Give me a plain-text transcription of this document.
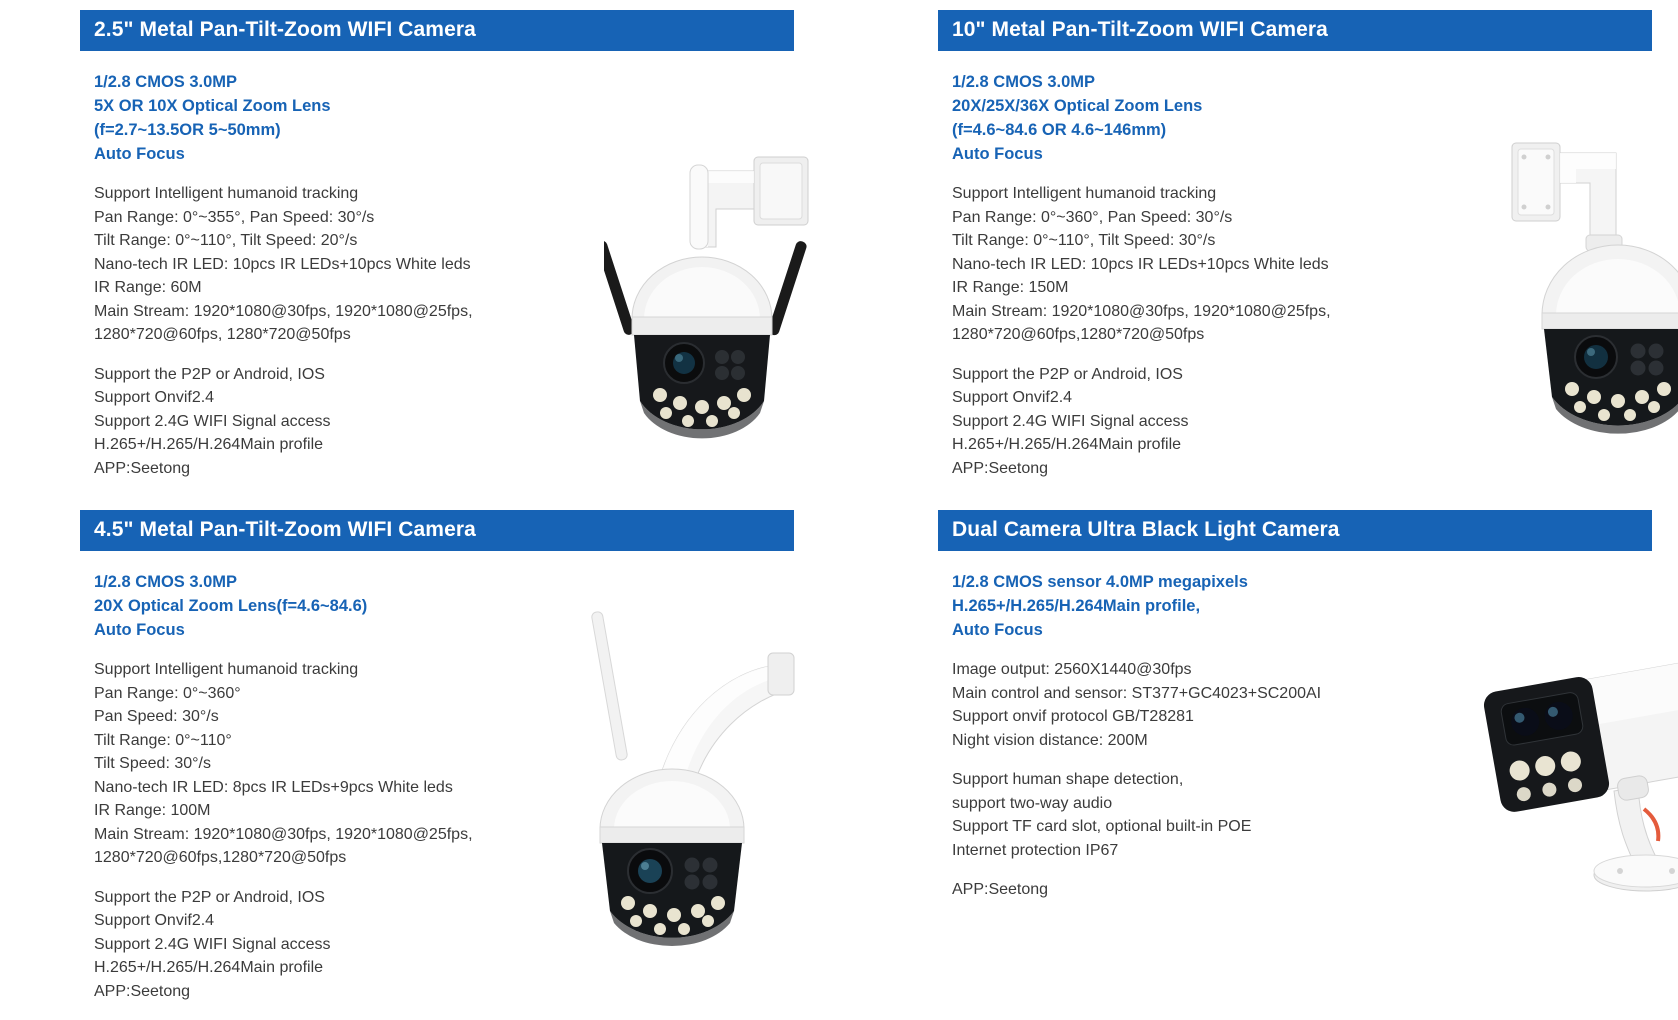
2.5" Metal Pan-Tilt-Zoom WIFI Camera
1/2.8 CMOS 3.0MP
5X OR 10X Optical Zoom Lens
(f=2.7~13.5OR 5~50mm)
Auto Focus
Support Intelligent humanoid tracking
Pan Range: 0°~355°, Pan Speed: 30°/s
Tilt Range: 0°~110°, Tilt Speed: 20°/s
Nano-tech IR LED: 10pcs IR LEDs+10pcs White leds
IR Range: 60M
Main Stream: 1920*1080@30fps, 1920*1080@25fps,
1280*720@60fps, 1280*720@50fps
Support the P2P or Android, IOS
Support Onvif2.4
Support 2.4G WIFI Signal access
H.265+/H.265/H.264Main profile
APP:Seetong
10" Metal Pan-Tilt-Zoom WIFI Camera
1/2.8 CMOS 3.0MP
20X/25X/36X Optical Zoom Lens
(f=4.6~84.6 OR 4.6~146mm)
Auto Focus
Support Intelligent humanoid tracking
Pan Range: 0°~360°, Pan Speed: 30°/s
Tilt Range: 0°~110°, Tilt Speed: 30°/s
Nano-tech IR LED: 10pcs IR LEDs+10pcs White leds
IR Range: 150M
Main Stream: 1920*1080@30fps, 1920*1080@25fps,
1280*720@60fps,1280*720@50fps
Support the P2P or Android, IOS
Support Onvif2.4
Support 2.4G WIFI Signal access
H.265+/H.265/H.264Main profile
APP:Seetong
4.5" Metal Pan-Tilt-Zoom WIFI Camera
1/2.8 CMOS 3.0MP
20X Optical Zoom Lens(f=4.6~84.6)
Auto Focus
Support Intelligent humanoid tracking
Pan Range: 0°~360°
Pan Speed: 30°/s
Tilt Range: 0°~110°
Tilt Speed: 30°/s
Nano-tech IR LED: 8pcs IR LEDs+9pcs White leds
IR Range: 100M
Main Stream: 1920*1080@30fps, 1920*1080@25fps,
1280*720@60fps,1280*720@50fps
Support the P2P or Android, IOS
Support Onvif2.4
Support 2.4G WIFI Signal access
H.265+/H.265/H.264Main profile
APP:Seetong
Dual Camera Ultra Black Light Camera
1/2.8 CMOS sensor 4.0MP megapixels
H.265+/H.265/H.264Main profile,
Auto Focus
Image output: 2560X1440@30fps
Main control and sensor: ST377+GC4023+SC200AI
Support onvif protocol GB/T28281
Night vision distance: 200M
Support human shape detection,
support two-way audio
Support TF card slot, optional built-in POE
Internet protection IP67
APP:Seetong
